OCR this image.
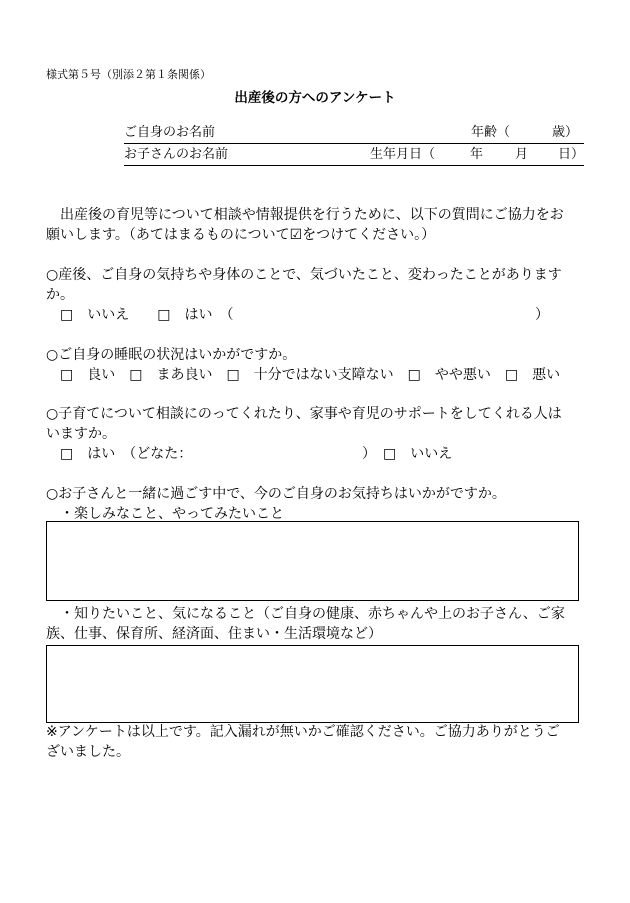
様式第５号（別添２第１条関係）
出産後の方へのアンケート
ご自身のお名前	年齢（	歳）
お子さんのお名前	生年月日（	年 月 日）
　出産後の育児等について相談や情報提供を行うために、以下の質問にご協力をお
願いします。（あてはまるものについて☑をつけてください。）
○産後、ご自身の気持ちや身体のことで、気づいたこと、変わったことがあります
か。
　□　いいえ　　□　はい　（	）
○ご自身の睡眠の状況はいかがですか。
　□　良い　□　まあ良い　□　十分ではない支障ない　□　やや悪い　□　悪い
○子育てについて相談にのってくれたり、家事や育児のサポートをしてくれる人は
いますか。
　□　はい　（どなた：	）　□　いいえ
○お子さんと一緒に過ごす中で、今のご自身のお気持ちはいかがですか。
　・楽しみなこと、やってみたいこと
　・知りたいこと、気になること（ご自身の健康、赤ちゃんや上のお子さん、ご家
族、仕事、保育所、経済面、住まい・生活環境など）
※アンケートは以上です。記入漏れが無いかご確認ください。ご協力ありがとうご
ざいました。
